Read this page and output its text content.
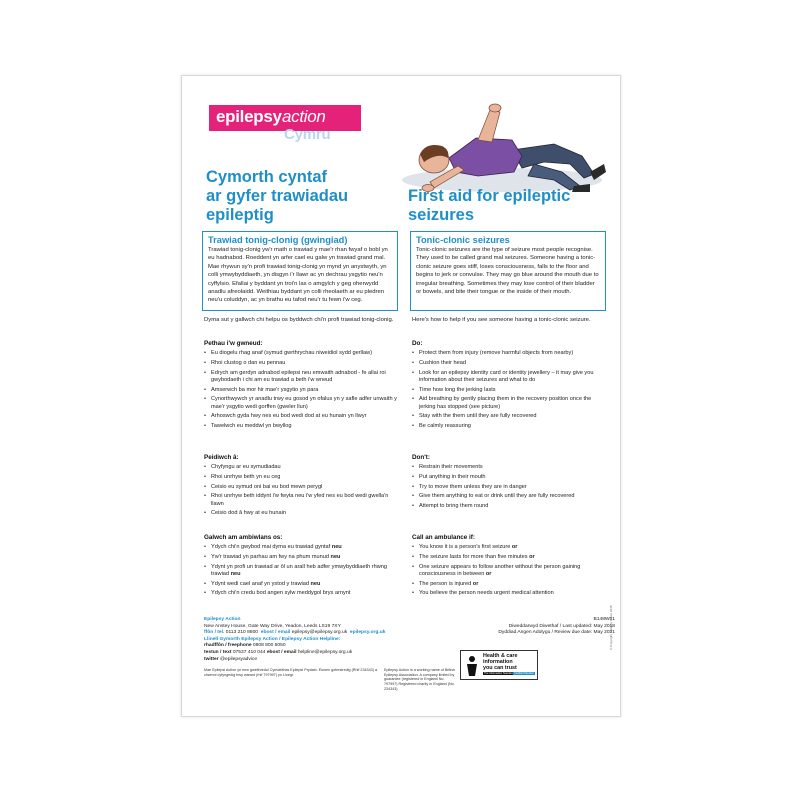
epilepsy action
Cymru
Cymorth cyntaf
ar gyfer trawiadau
epileptig
Trawiad tonig-clonig (gwingiad)
Trawiad tonig-clonig yw'r math o trawiad y mae'r rhan fwyaf o bobl yn eu hadnabod. Roeddent yn arfer cael eu galw yn trawiad grand mal. Mae rhywun sy'n profi trawiad tonig-clonig yn mynd yn anystwyth, yn colli ymwybyddiaeth, yn disgyn i'r llawr ac yn dechrau ysgytio neu'n cyffylsio. Efallai y byddant yn troi'n las o amgylch y geg oherwydd anadlu afreolaidd. Weithiau byddant yn colli rheolaeth ar eu pledren neu'u coluddyn, ac yn brathu eu tafod neu'r tu fewn i'w ceg.
Dyma sut y gallwch chi helpu os byddwch chi'n profi trawiad tonig-clonig.
Pethau i'w gwneud:
• Eu diogelu rhag anaf (symud gwrthrychau niweidiol sydd gerllaw)
• Rhoi clustog o dan eu pennau
• Edrych am gerdyn adnabod epilepsi neu emwaith adnabod - fe allai roi gwybodaeth i chi am eu trawiad a beth i'w wneud
• Amserwch ba mor hir mae'r ysgytio yn para
• Cynorthwywch yr anadlu trwy eu gosod yn ofalus yn y safle adfer unwaith y mae'r ysgytio wedi gorffen (gweler llun)
• Arhoswch gyda hwy nes eu bod wedi dod at eu hunain yn llwyr
• Tawelwch eu meddwl yn bwyllog
Peidiwch â:
• Chyfyngu ar eu symudiadau
• Rhoi unrhyw beth yn eu ceg
• Ceisio eu symud oni bai eu bod mewn perygl
• Rhoi unrhyw beth iddynt i'w fwyta neu i'w yfed nes eu bod wedi gwella'n llawn
• Ceisio dod â hwy at eu hunain
Galwch am ambiwlans os:
• Ydych chi'n gwybod mai dyma eu trawiad gyntaf neu
• Yw'r trawiad yn parhau am fwy na phum munud neu
• Ydynt yn profi un trawiad ar ôl un arall heb adfer ymwybyddiaeth rhwng trawiad neu
• Ydynt wedi cael anaf yn ystod y trawiad neu
• Ydych chi'n credu bod angen sylw meddygol brys arnynt
First aid for epileptic
seizures
Tonic-clonic seizures
Tonic-clonic seizures are the type of seizure most people recognise. They used to be called grand mal seizures. Someone having a tonic-clonic seizure goes stiff, loses consciousness, falls to the floor and begins to jerk or convulse. They may go blue around the mouth due to irregular breathing. Sometimes they may lose control of their bladder or bowels, and bite their tongue or the inside of their mouth.
Here's how to help if you see someone having a tonic-clonic seizure.
Do:
• Protect them from injury (remove harmful objects from nearby)
• Cushion their head
• Look for an epilepsy identity card or identity jewellery – it may give you information about their seizures and what to do
• Time how long the jerking lasts
• Aid breathing by gently placing them in the recovery position once the jerking has stopped (see picture)
• Stay with the them until they are fully recovered
• Be calmly reassuring
Don't:
• Restrain their movements
• Put anything in their mouth
• Try to move them unless they are in danger
• Give them anything to eat or drink until they are fully recovered
• Attempt to bring them round
Call an ambulance if:
• You know it is a person's first seizure or
• The seizure lasts for more than five minutes or
• One seizure appears to follow another without the person gaining consciousness in between or
• The person is injured or
• You believe the person needs urgent medical attention
Epilepsy Action
New Anstey House, Gate Way Drive, Yeadon, Leeds LS19 7XY
ffôn / tel. 0113 210 8800 ebost / email epilepsy@epilepsy.org.uk epilepsy.org.uk
Llinell Gymorth Epilepsy Action / Epilepsy Action Helpline:
rhadffôn / freephone 0808 800 5050
testun / text 07537 410 044 ebost / email helpline@epilepsy.org.uk
twitter @epilepsyadvice
B148W01
Diweddarwyd Diwethaf / Last updated: May 2018
Dyddiad Angen Adolygu / Review due date: May 2021
Mae Epilepsi Action yn enw gweithredol Cymdeithas Epilepsi Prydain. Elusen gofrestredig (Rhif 234343) a chwmni cyfyngedig trwy warant (rhif 797997) yn Lloegr.
Epilepsy Action is a working name of British Epilepsy Association. A company limited by guarantee (registered in England No. 797997) Registered charity in England (No. 234343)
Health & care
information
you can trust
The Information Standard Certified Member
© Copyright Epilepsy Action 2018
